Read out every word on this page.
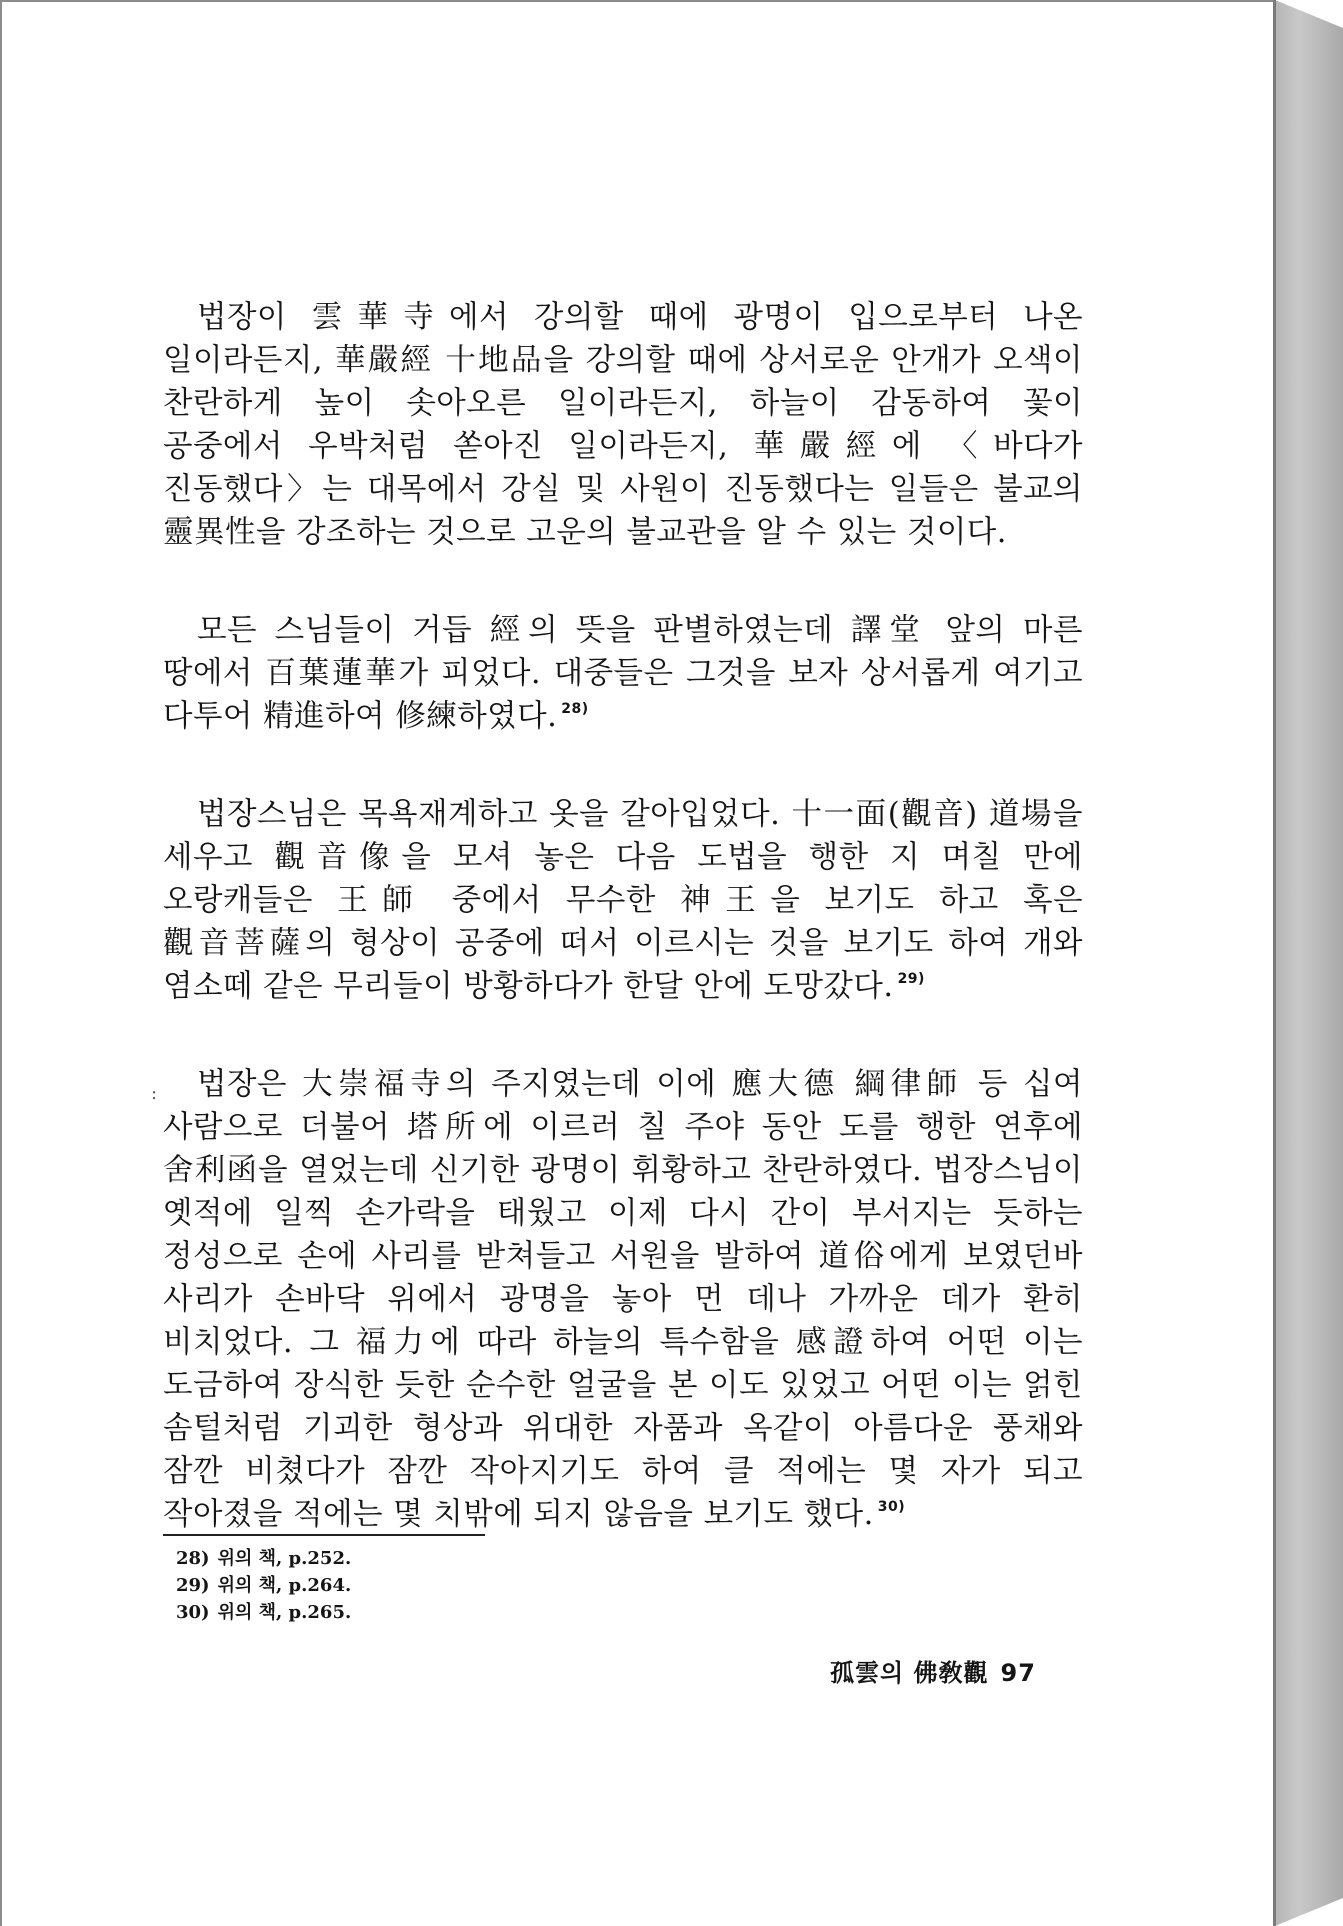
법장이 雲華寺에서 강의할 때에 광명이 입으로부터 나온 일이라든지, 華嚴經 十地品을 강의할 때에 상서로운 안개가 오색이 찬란하게 높이 솟아오른 일이라든지, 하늘이 감동하여 꽃이 공중에서 우박처럼 쏟아진 일이라든지, 華嚴經에 〈바다가 진동했다〉는 대목에서 강실 및 사원이 진동했다는 일들은 불교의 靈異性을 강조하는 것으로 고운의 불교관을 알 수 있는 것이다.

모든 스님들이 거듭 經의 뜻을 판별하였는데 譯堂 앞의 마른 땅에서 百葉蓮華가 피었다. 대중들은 그것을 보자 상서롭게 여기고 다투어 精進하여 修練하였다. $^{28)}$

법장스님은 목욕재계하고 옷을 갈아입었다. 十一面(觀音) 道場을 세우고 觀音像을 모셔 놓은 다음 도법을 행한 지 며칠 만에 오랑캐들은 王師 중에서 무수한 神王을 보기도 하고 혹은 觀音菩薩의 형상이 공중에 떠서 이르시는 것을 보기도 하여 개와 염소떼 같은 무리들이 방황하다가 한달 안에 도망갔다. $^{29)}$

법장은 大崇福寺의 주지였는데 이에 應大德 綱律師 등 십여 사람으로 더불어 塔所에 이르러 칠 주야 동안 도를 행한 연후에 舍利函을 열었는데 신기한 광명이 휘황하고 찬란하였다. 법장스님이 옛적에 일찍 손가락을 태웠고 이제 다시 간이 부서지는 듯하는 정성으로 손에 사리를 받쳐들고 서원을 발하여 道俗에게 보였던바 사리가 손바닥 위에서 광명을 놓아 먼 데나 가까운 데가 환히 비치었다. 그 福力에 따라 하늘의 특수함을 感證하여 어떤 이는 도금하여 장식한 듯한 순수한 얼굴을 본 이도 있었고 어떤 이는 얽힌 솜털처럼 기괴한 형상과 위대한 자품과 옥같이 아름다운 풍채와 잠깐 비쳤다가 잠깐 작아지기도 하여 클 적에는 몇 자가 되고 작아졌을 적에는 몇 치밖에 되지 않음을 보기도 했다. $^{30)}$

:
28) 위의 책, p.252.
29) 위의 책, p.264.
30) 위의 책, p.265.
孤雲의 佛敎觀 97
